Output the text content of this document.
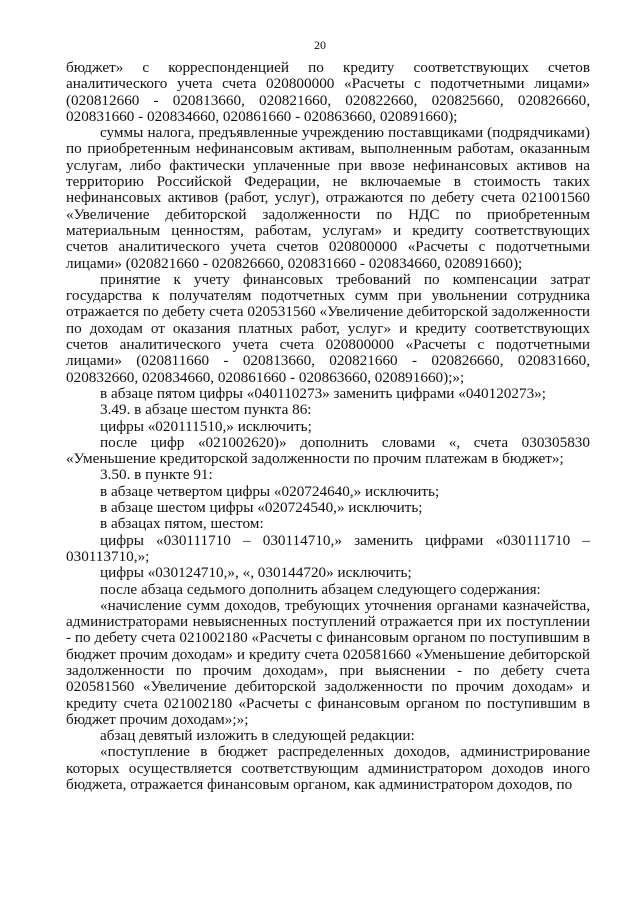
20

бюджет» с корреспонденцией по кредиту соответствующих счетов аналитического учета счета 020800000 «Расчеты с подотчетными лицами» (020812660 - 020813660, 020821660, 020822660, 020825660, 020826660, 020831660 - 020834660, 020861660 - 020863660, 020891660);

суммы налога, предъявленные учреждению поставщиками (подрядчиками) по приобретенным нефинансовым активам, выполненным работам, оказанным услугам, либо фактически уплаченные при ввозе нефинансовых активов на территорию Российской Федерации, не включаемые в стоимость таких нефинансовых активов (работ, услуг), отражаются по дебету счета 021001560 «Увеличение дебиторской задолженности по НДС по приобретенным материальным ценностям, работам, услугам» и кредиту соответствующих счетов аналитического учета счетов 020800000 «Расчеты с подотчетными лицами» (020821660 - 020826660, 020831660 - 020834660, 020891660);

принятие к учету финансовых требований по компенсации затрат государства к получателям подотчетных сумм при увольнении сотрудника отражается по дебету счета 020531560 «Увеличение дебиторской задолженности по доходам от оказания платных работ, услуг» и кредиту соответствующих счетов аналитического учета счета 020800000 «Расчеты с подотчетными лицами» (020811660 - 020813660, 020821660 - 020826660, 020831660, 020832660, 020834660, 020861660 - 020863660, 020891660);»;

в абзаце пятом цифры «040110273» заменить цифрами «040120273»;

3.49. в абзаце шестом пункта 86:

цифры «020111510,» исключить;

после цифр «021002620)» дополнить словами «, счета 030305830 «Уменьшение кредиторской задолженности по прочим платежам в бюджет»;

3.50. в пункте 91:

в абзаце четвертом цифры «020724640,» исключить;

в абзаце шестом цифры «020724540,» исключить;

в абзацах пятом, шестом:

цифры «030111710 – 030114710,» заменить цифрами «030111710 – 030113710,»;

цифры «030124710,», «, 030144720» исключить;

после абзаца седьмого дополнить абзацем следующего содержания:

«начисление сумм доходов, требующих уточнения органами казначейства, администраторами невыясненных поступлений отражается при их поступлении - по дебету счета 021002180 «Расчеты с финансовым органом по поступившим в бюджет прочим доходам» и кредиту счета 020581660 «Уменьшение дебиторской задолженности по прочим доходам», при выяснении - по дебету счета 020581560 «Увеличение дебиторской задолженности по прочим доходам» и кредиту счета 021002180 «Расчеты с финансовым органом по поступившим в бюджет прочим доходам»;»;

абзац девятый изложить в следующей редакции:

«поступление в бюджет распределенных доходов, администрирование которых осуществляется соответствующим администратором доходов иного бюджета, отражается финансовым органом, как администратором доходов, по
